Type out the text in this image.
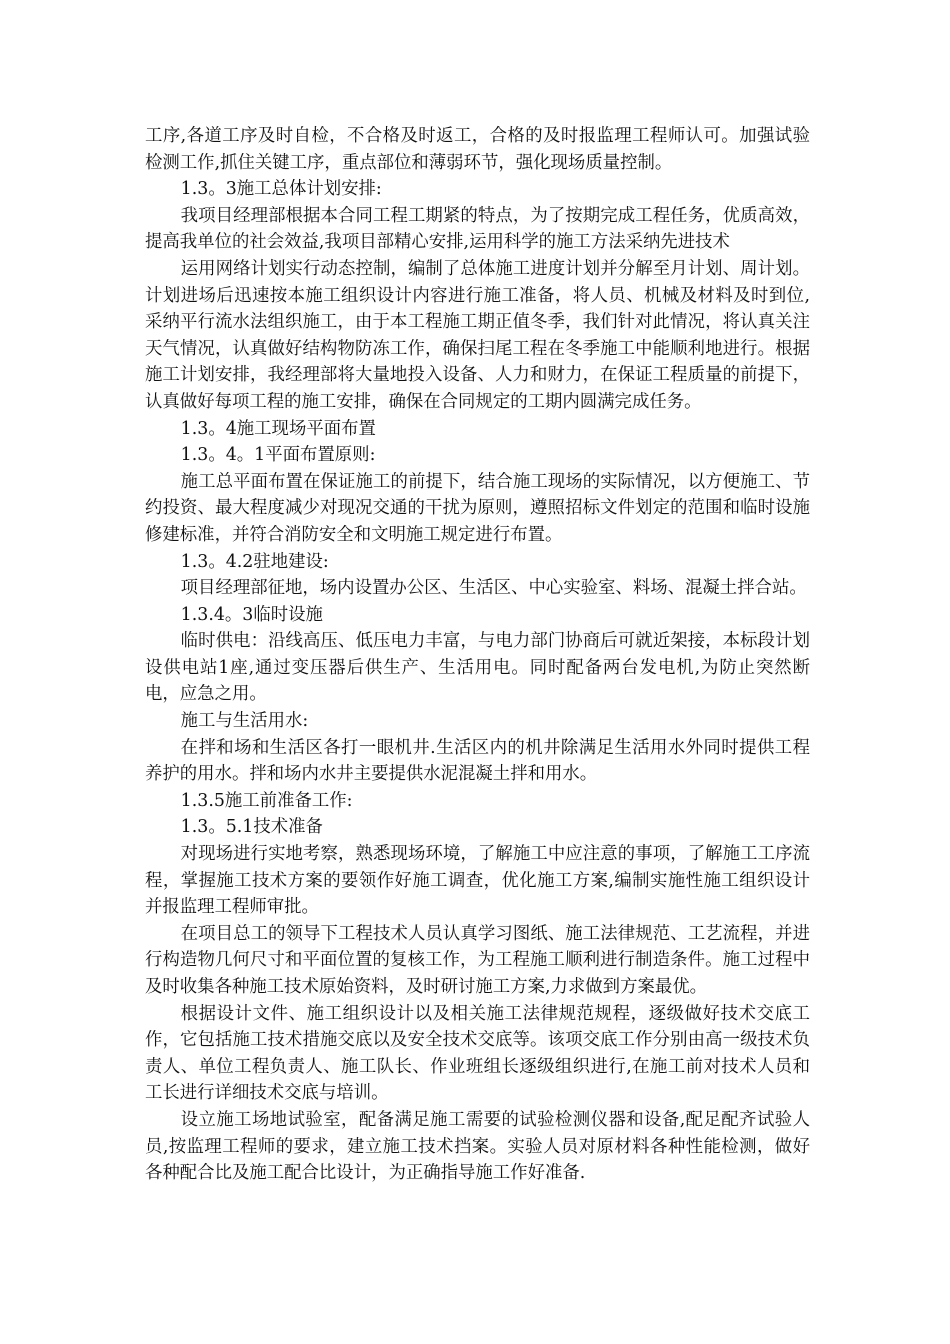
工序,各道工序及时自检，不合格及时返工，合格的及时报监理工程师认可。加强试验检测工作,抓住关键工序，重点部位和薄弱环节，强化现场质量控制。

1.3。3施工总体计划安排:

我项目经理部根据本合同工程工期紧的特点，为了按期完成工程任务，优质高效，提高我单位的社会效益,我项目部精心安排,运用科学的施工方法采纳先进技术

运用网络计划实行动态控制，编制了总体施工进度计划并分解至月计划、周计划。计划进场后迅速按本施工组织设计内容进行施工准备，将人员、机械及材料及时到位,采纳平行流水法组织施工，由于本工程施工期正值冬季，我们针对此情况，将认真关注天气情况，认真做好结构物防冻工作，确保扫尾工程在冬季施工中能顺利地进行。根据施工计划安排，我经理部将大量地投入设备、人力和财力，在保证工程质量的前提下，认真做好每项工程的施工安排，确保在合同规定的工期内圆满完成任务。

1.3。4施工现场平面布置

1.3。4。1平面布置原则:

施工总平面布置在保证施工的前提下，结合施工现场的实际情况，以方便施工、节约投资、最大程度减少对现况交通的干扰为原则，遵照招标文件划定的范围和临时设施修建标准，并符合消防安全和文明施工规定进行布置。

1.3。4.2驻地建设:

项目经理部征地，场内设置办公区、生活区、中心实验室、料场、混凝土拌合站。

1.3.4。3临时设施

临时供电：沿线高压、低压电力丰富，与电力部门协商后可就近架接，本标段计划设供电站1座,通过变压器后供生产、生活用电。同时配备两台发电机,为防止突然断电，应急之用。

施工与生活用水:

在拌和场和生活区各打一眼机井.生活区内的机井除满足生活用水外同时提供工程养护的用水。拌和场内水井主要提供水泥混凝土拌和用水。

1.3.5施工前准备工作:

1.3。5.1技术准备

对现场进行实地考察，熟悉现场环境，了解施工中应注意的事项，了解施工工序流程，掌握施工技术方案的要领作好施工调查，优化施工方案,编制实施性施工组织设计并报监理工程师审批。

在项目总工的领导下工程技术人员认真学习图纸、施工法律规范、工艺流程，并进行构造物几何尺寸和平面位置的复核工作，为工程施工顺利进行制造条件。施工过程中及时收集各种施工技术原始资料，及时研讨施工方案,力求做到方案最优。

根据设计文件、施工组织设计以及相关施工法律规范规程，逐级做好技术交底工作，它包括施工技术措施交底以及安全技术交底等。该项交底工作分别由高一级技术负责人、单位工程负责人、施工队长、作业班组长逐级组织进行,在施工前对技术人员和工长进行详细技术交底与培训。

设立施工场地试验室，配备满足施工需要的试验检测仪器和设备,配足配齐试验人员,按监理工程师的要求，建立施工技术挡案。实验人员对原材料各种性能检测，做好各种配合比及施工配合比设计，为正确指导施工作好准备.
